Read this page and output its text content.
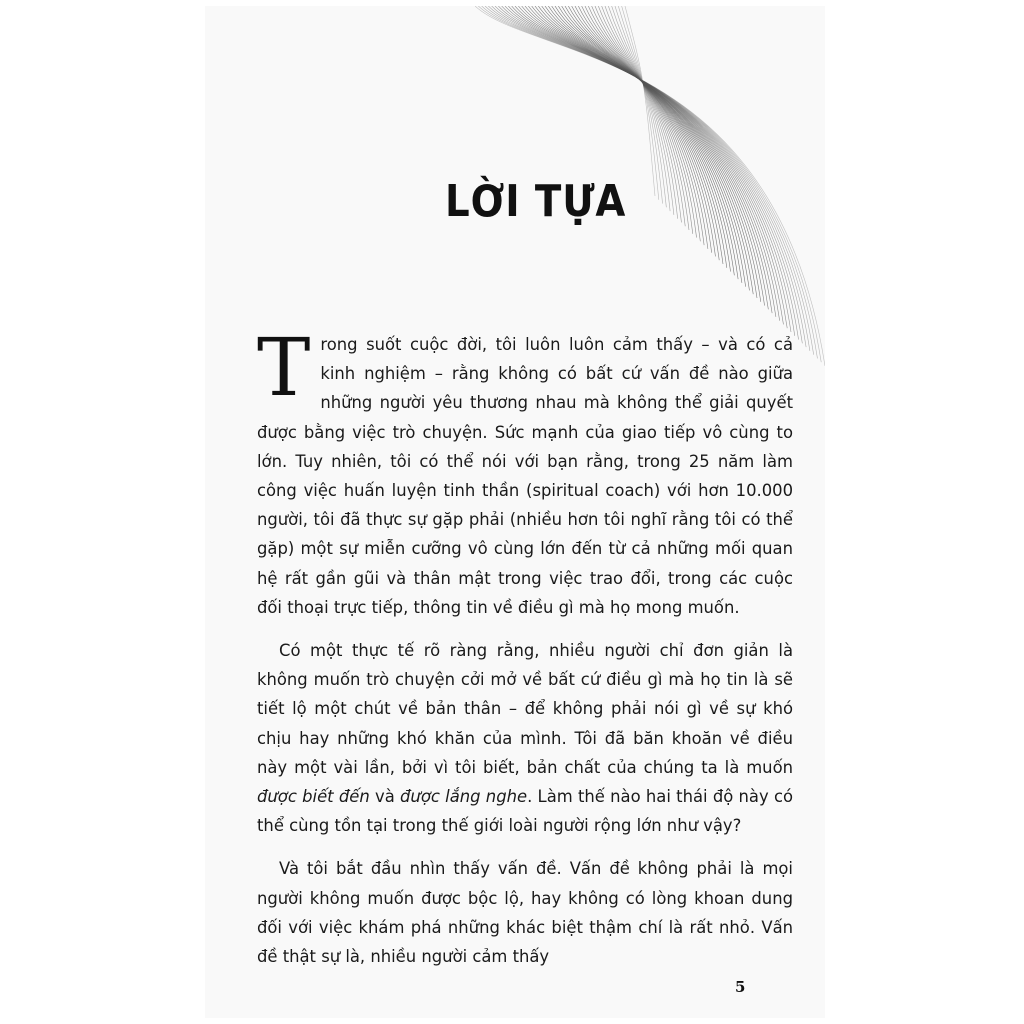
LỜI TỰA

Trong suốt cuộc đời, tôi luôn luôn cảm thấy – và có cả kinh nghiệm – rằng không có bất cứ vấn đề nào giữa những người yêu thương nhau mà không thể giải quyết được bằng việc trò chuyện. Sức mạnh của giao tiếp vô cùng to lớn. Tuy nhiên, tôi có thể nói với bạn rằng, trong 25 năm làm công việc huấn luyện tinh thần (spiritual coach) với hơn 10.000 người, tôi đã thực sự gặp phải (nhiều hơn tôi nghĩ rằng tôi có thể gặp) một sự miễn cưỡng vô cùng lớn đến từ cả những mối quan hệ rất gần gũi và thân mật trong việc trao đổi, trong các cuộc đối thoại trực tiếp, thông tin về điều gì mà họ mong muốn.

Có một thực tế rõ ràng rằng, nhiều người chỉ đơn giản là không muốn trò chuyện cởi mở về bất cứ điều gì mà họ tin là sẽ tiết lộ một chút về bản thân – để không phải nói gì về sự khó chịu hay những khó khăn của mình. Tôi đã băn khoăn về điều này một vài lần, bởi vì tôi biết, bản chất của chúng ta là muốn được biết đến và được lắng nghe. Làm thế nào hai thái độ này có thể cùng tồn tại trong thế giới loài người rộng lớn như vậy?

Và tôi bắt đầu nhìn thấy vấn đề. Vấn đề không phải là mọi người không muốn được bộc lộ, hay không có lòng khoan dung đối với việc khám phá những khác biệt thậm chí là rất nhỏ. Vấn đề thật sự là, nhiều người cảm thấy

5
